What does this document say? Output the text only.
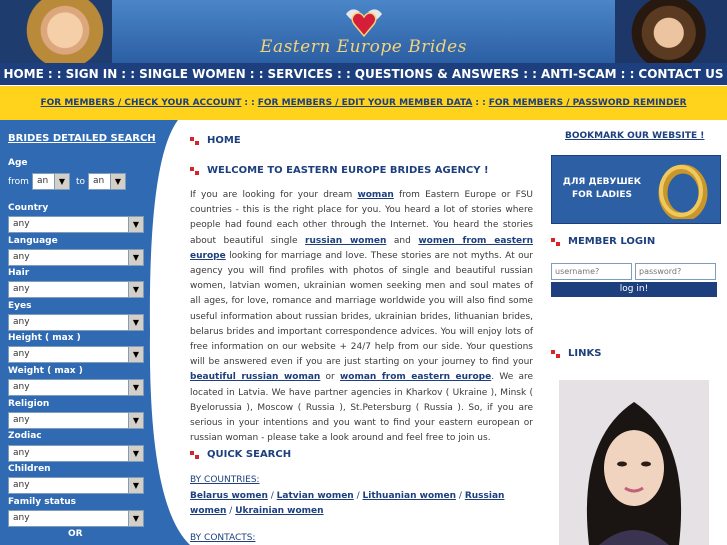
Eastern Europe Brides
HOME : : SIGN IN : : SINGLE WOMEN : : SERVICES : : QUESTIONS & ANSWERS : : ANTI-SCAM : : CONTACT US
FOR MEMBERS / CHECK YOUR ACCOUNT : : FOR MEMBERS / EDIT YOUR MEMBER DATA : : FOR MEMBERS / PASSWORD REMINDER
BRIDES DETAILED SEARCH
Age
from an	▼	to an	▼
Country
any	▼
Language
any	▼
Hair
any	▼
Eyes
any	▼
Height ( max )
any	▼
Weight ( max )
any	▼
Religion
any	▼
Zodiac
any	▼
Children
any	▼
Family status
any	▼
OR
HOME
WELCOME TO EASTERN EUROPE BRIDES AGENCY !
If you are looking for your dream woman from Eastern Europe or FSU countries - this is the right place for you. You heard a lot of stories where people had found each other through the Internet. You heard the stories about beautiful single russian women and women from eastern europe looking for marriage and love. These stories are not myths. At our agency you will find profiles with photos of single and beautiful russian women, latvian women, ukrainian women seeking men and soul mates of all ages, for love, romance and marriage worldwide you will also find some useful information about russian brides, ukrainian brides, lithuanian brides, belarus brides and important correspondence advices. You will enjoy lots of free information on our website + 24/7 help from our side. Your questions will be answered even if you are just starting on your journey to find your beautiful russian woman or woman from eastern europe. We are located in Latvia. We have partner agencies in Kharkov ( Ukraine ), Minsk ( Byelorussia ), Moscow ( Russia ), St.Petersburg ( Russia ). So, if you are serious in your intentions and you want to find your eastern european or russian woman - please take a look around and feel free to join us.
QUICK SEARCH
BY COUNTRIES:
Belarus women / Latvian women / Lithuanian women / Russian women / Ukrainian women
BY CONTACTS:
BOOKMARK OUR WEBSITE !
ДЛЯ ДЕВУШЕК
FOR LADIES
MEMBER LOGIN
username?
log in!
LINKS
